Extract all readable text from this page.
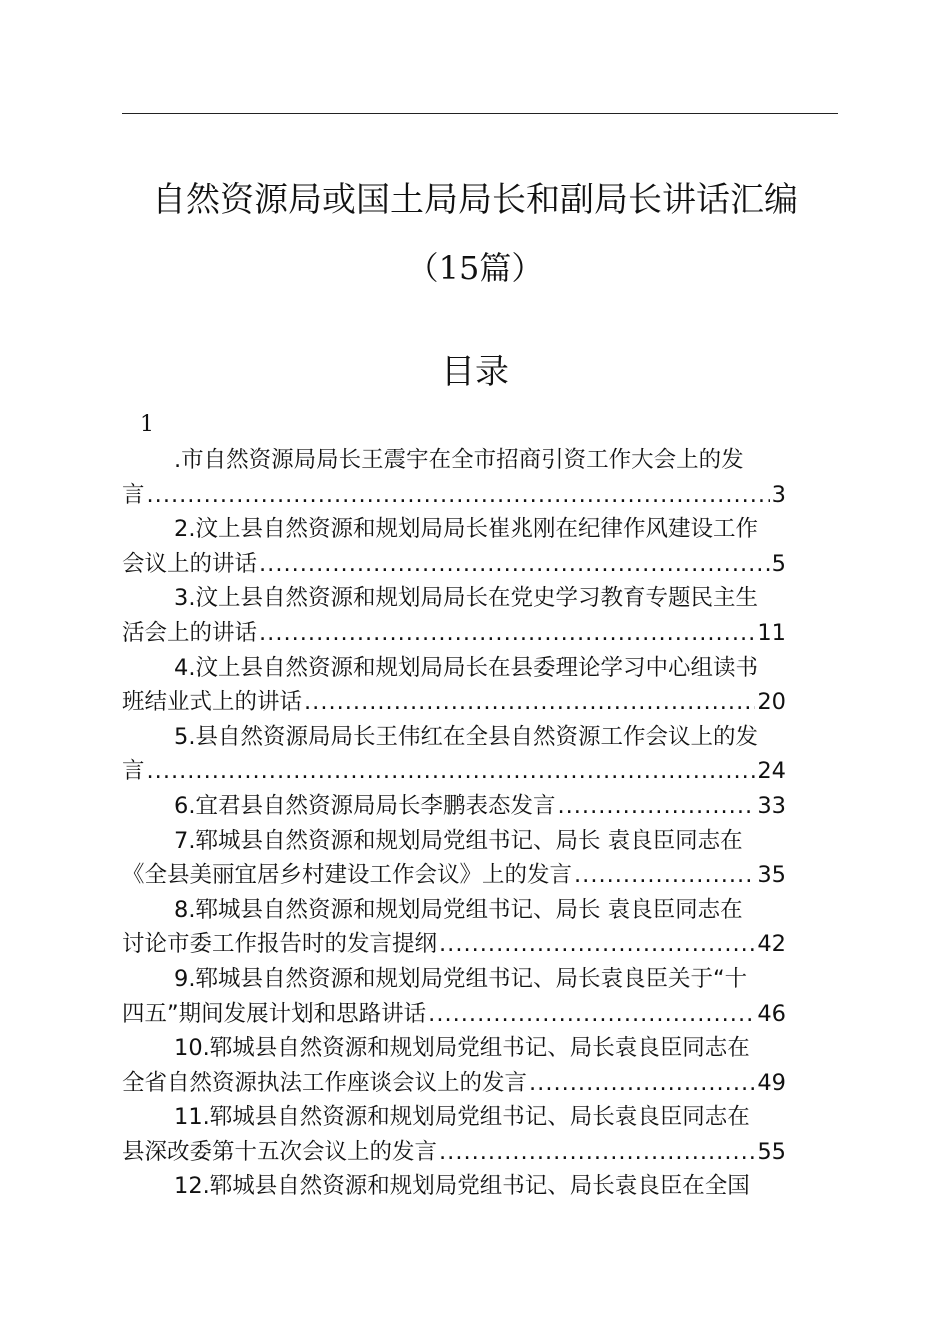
自然资源局或国土局局长和副局长讲话汇编
（15篇）
目录
1
.市自然资源局局长王震宇在全市招商引资工作大会上的发
言 .....	3
2.汶上县自然资源和规划局局长崔兆刚在纪律作风建设工作
会议上的讲话 .....	5
3.汶上县自然资源和规划局局长在党史学习教育专题民主生
活会上的讲话 .....	11
4.汶上县自然资源和规划局局长在县委理论学习中心组读书
班结业式上的讲话 .....	20
5.县自然资源局局长王伟红在全县自然资源工作会议上的发
言 .....	24
6.宜君县自然资源局局长李鹏表态发言 .....	33
7.郓城县自然资源和规划局党组书记、局长 袁良臣同志在
《全县美丽宜居乡村建设工作会议》上的发言 .....	35
8.郓城县自然资源和规划局党组书记、局长 袁良臣同志在
讨论市委工作报告时的发言提纲 .....	42
9.郓城县自然资源和规划局党组书记、局长袁良臣关于“十
四五”期间发展计划和思路讲话 .....	46
10.郓城县自然资源和规划局党组书记、局长袁良臣同志在
全省自然资源执法工作座谈会议上的发言 .....	49
11.郓城县自然资源和规划局党组书记、局长袁良臣同志在
县深改委第十五次会议上的发言 .....	55
12.郓城县自然资源和规划局党组书记、局长袁良臣在全国
